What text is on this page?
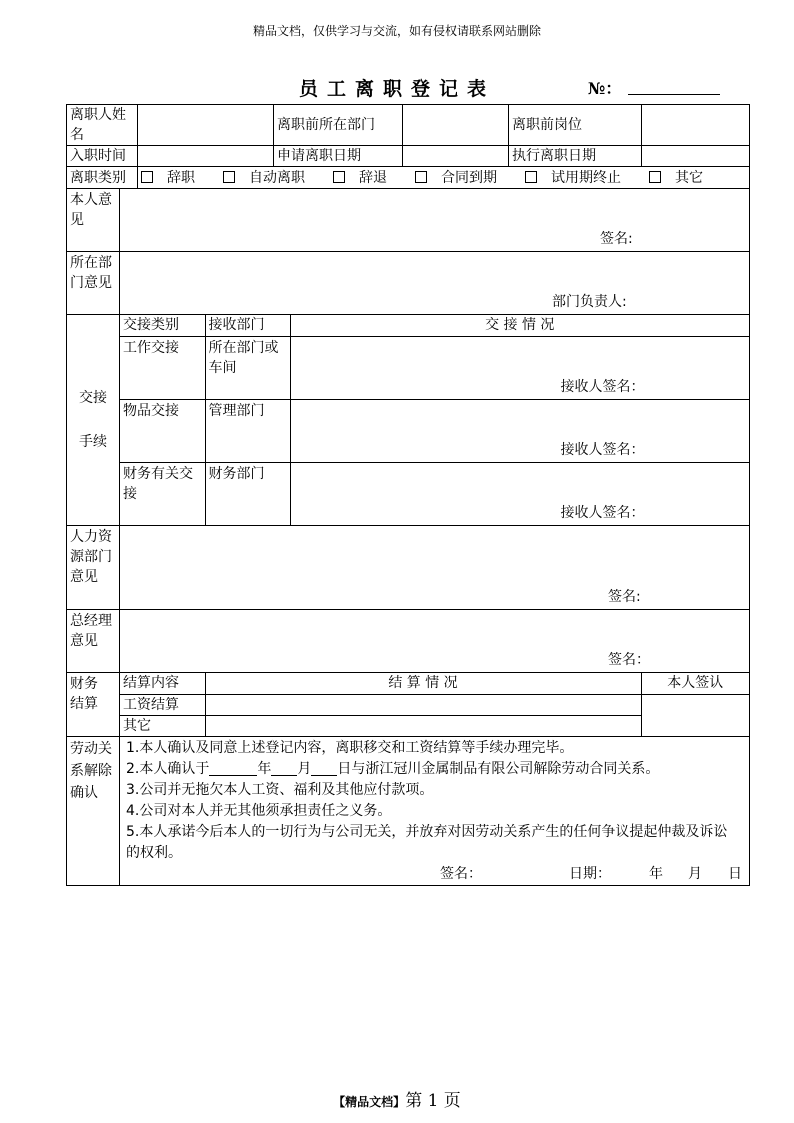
精品文档，仅供学习与交流，如有侵权请联系网站删除
员工离职登记表	№：
离职人姓名		离职前所在部门		离职前岗位	
入职时间		申请离职日期		执行离职日期	
离职类别	辞职	自动离职	辞退	合同到期	试用期终止	其它
本人意见	
签名:

所在部门意见	
部门负责人:

交接
手续

交接类别	接收部门	交 接 情 况
工作交接	所在部门或车间	
接收人签名：

物品交接	管理部门	
接收人签名：

财务有关交接	财务部门	
接收人签名：

人力资源部门意见	
签名:

总经理意见	
签名：

财务
结算

结算内容	结 算 情 况	本人签认
工资结算		
其它	

劳动关系解除确认	
1.本人确认及同意上述登记内容，离职移交和工资结算等手续办理完毕。
2.本人确认于	年 月 日与浙江冠川金属制品有限公司解除劳动合同关系。
3.公司并无拖欠本人工资、福利及其他应付款项。
4.公司对本人并无其他须承担责任之义务。
5.本人承诺今后本人的一切行为与公司无关，并放弃对因劳动关系产生的任何争议提起仲裁及诉讼的权利。
签名：	日期：	年 月 日
【精品文档】第 1 页
